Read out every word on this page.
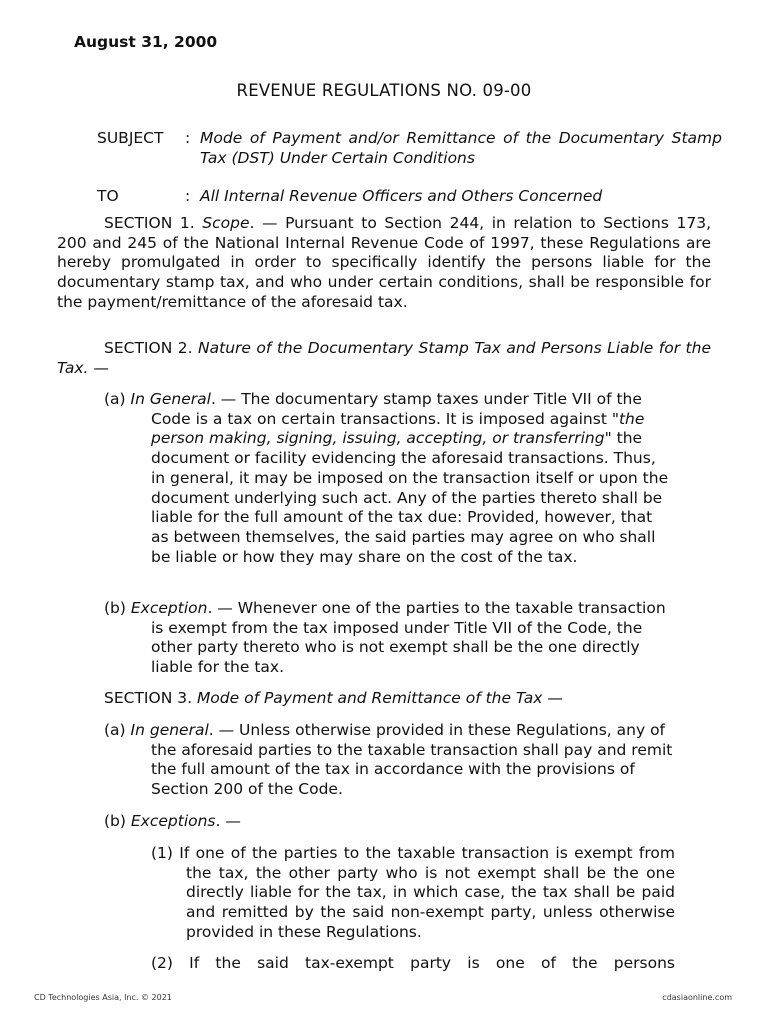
August 31, 2000
REVENUE REGULATIONS NO. 09-00
SUBJECT : Mode of Payment and/or Remittance of the Documentary Stamp Tax (DST) Under Certain Conditions
TO	: All Internal Revenue Officers and Others Concerned

SECTION 1. Scope. — Pursuant to Section 244, in relation to Sections 173, 200 and 245 of the National Internal Revenue Code of 1997, these Regulations are hereby promulgated in order to specifically identify the persons liable for the documentary stamp tax, and who under certain conditions, shall be responsible for the payment/remittance of the aforesaid tax.

SECTION 2. Nature of the Documentary Stamp Tax and Persons Liable for the Tax. —

(a) In General. — The documentary stamp taxes under Title VII of the Code is a tax on certain transactions. It is imposed against "the person making, signing, issuing, accepting, or transferring" the document or facility evidencing the aforesaid transactions. Thus, in general, it may be imposed on the transaction itself or upon the document underlying such act. Any of the parties thereto shall be liable for the full amount of the tax due: Provided, however, that as between themselves, the said parties may agree on who shall be liable or how they may share on the cost of the tax.

(b) Exception. — Whenever one of the parties to the taxable transaction is exempt from the tax imposed under Title VII of the Code, the other party thereto who is not exempt shall be the one directly liable for the tax.

SECTION 3. Mode of Payment and Remittance of the Tax —

(a) In general. — Unless otherwise provided in these Regulations, any of the aforesaid parties to the taxable transaction shall pay and remit the full amount of the tax in accordance with the provisions of Section 200 of the Code.

(b) Exceptions. —

(1) If one of the parties to the taxable transaction is exempt from the tax, the other party who is not exempt shall be the one directly liable for the tax, in which case, the tax shall be paid and remitted by the said non-exempt party, unless otherwise provided in these Regulations.

(2) If the said tax-exempt party is one of the persons

CD Technologies Asia, Inc. © 2021	cdasiaonline.com
